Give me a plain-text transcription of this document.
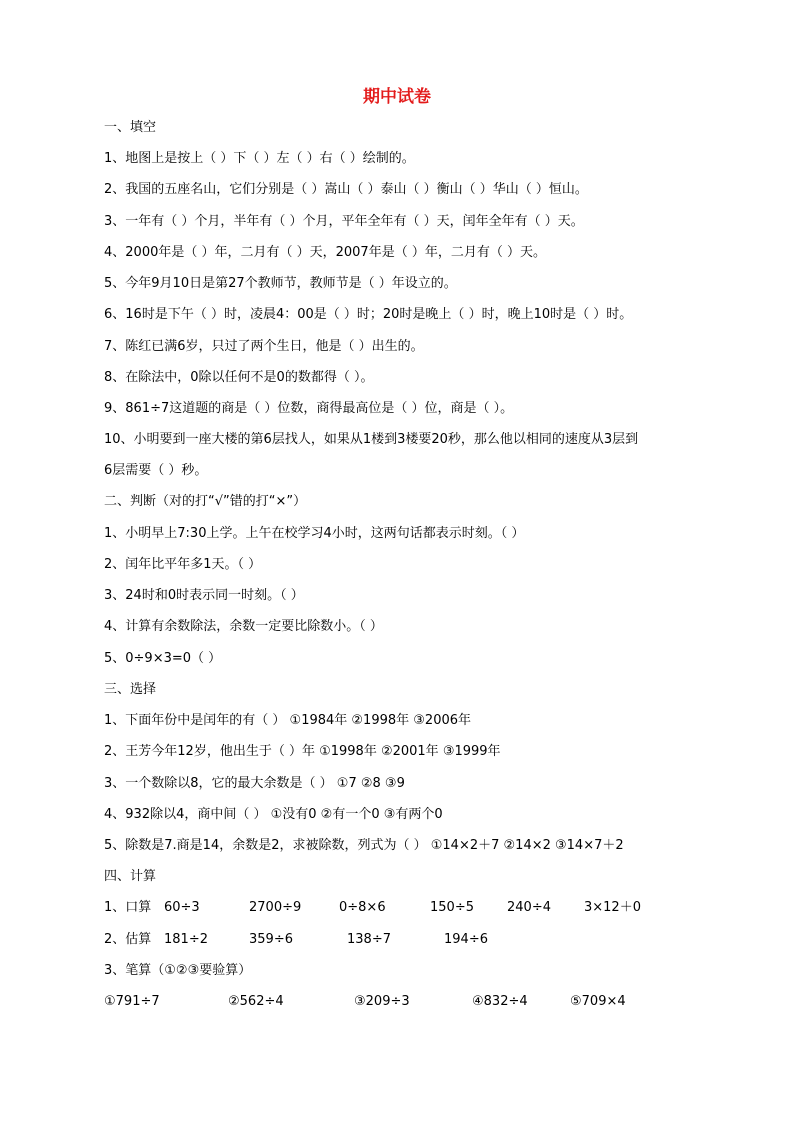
期中试卷
一、填空
1、地图上是按上（ ）下（ ）左（ ）右（ ）绘制的。
2、我国的五座名山，它们分别是（ ）嵩山（ ）泰山（ ）衡山（ ）华山（ ）恒山。
3、一年有（ ）个月，半年有（ ）个月，平年全年有（ ）天，闰年全年有（ ）天。
4、2000年是（ ）年，二月有（ ）天，2007年是（ ）年，二月有（ ）天。
5、今年9月10日是第27个教师节，教师节是（ ）年设立的。
6、16时是下午（ ）时，凌晨4：00是（ ）时；20时是晚上（ ）时，晚上10时是（ ）时。
7、陈红已满6岁，只过了两个生日，他是（ ）出生的。
8、在除法中，0除以任何不是0的数都得（ ）。
9、861÷7这道题的商是（ ）位数，商得最高位是（ ）位，商是（ ）。
10、小明要到一座大楼的第6层找人，如果从1楼到3楼要20秒，那么他以相同的速度从3层到
6层需要（ ）秒。
二、判断（对的打“√”错的打“×”）
1、小明早上7:30上学。上午在校学习4小时，这两句话都表示时刻。（ ）
2、闰年比平年多1天。（ ）
3、24时和0时表示同一时刻。（ ）
4、计算有余数除法，余数一定要比除数小。（ ）
5、0÷9×3=0（ ）
三、选择
1、下面年份中是闰年的有（ ） ①1984年 ②1998年 ③2006年
2、王芳今年12岁，他出生于（ ）年 ①1998年 ②2001年 ③1999年
3、一个数除以8，它的最大余数是（ ） ①7 ②8 ③9
4、932除以4，商中间（ ） ①没有0 ②有一个0 ③有两个0
5、除数是7.商是14，余数是2，求被除数，列式为（ ） ①14×2＋7 ②14×2 ③14×7＋2
四、计算
1、口算 60÷3	2700÷9	0÷8×6	150÷5	240÷4	3×12＋0
2、估算 181÷2	359÷6	138÷7	194÷6
3、笔算（①②③要验算）
①791÷7	②562÷4	③209÷3	④832÷4	⑤709×4
